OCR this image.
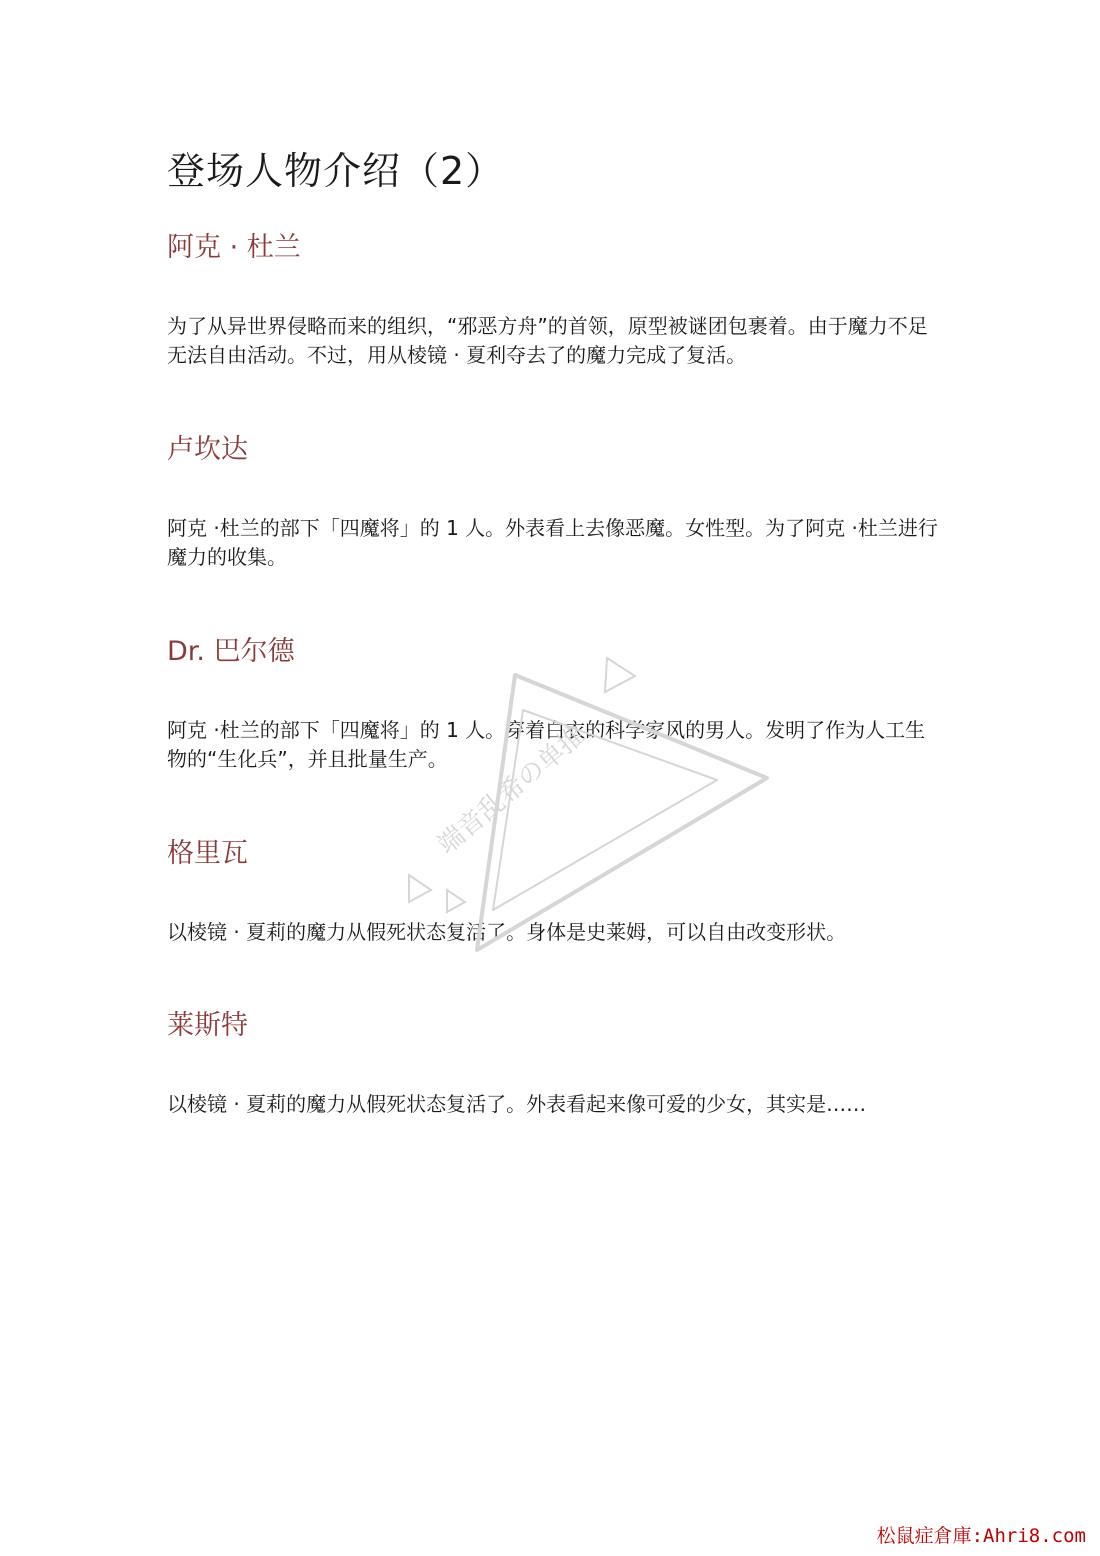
登场人物介绍（2）
阿克 · 杜兰

为了从异世界侵略而来的组织，“邪恶方舟”的首领，原型被谜团包裹着。由于魔力不足无法自由活动。不过，用从棱镜 · 夏利夺去了的魔力完成了复活。

卢坎达

阿克 ·杜兰的部下「四魔将」的 1 人。外表看上去像恶魔。女性型。为了阿克 ·杜兰进行魔力的收集。

Dr. 巴尔德

阿克 ·杜兰的部下「四魔将」的 1 人。穿着白衣的科学家风的男人。发明了作为人工生物的“生化兵”，并且批量生产。

格里瓦

以棱镜 · 夏莉的魔力从假死状态复活了。身体是史莱姆，可以自由改变形状。

莱斯特

以棱镜 · 夏莉的魔力从假死状态复活了。外表看起来像可爱的少女，其实是……

端音乱希の单推
松鼠症倉庫:Ahri8.com
